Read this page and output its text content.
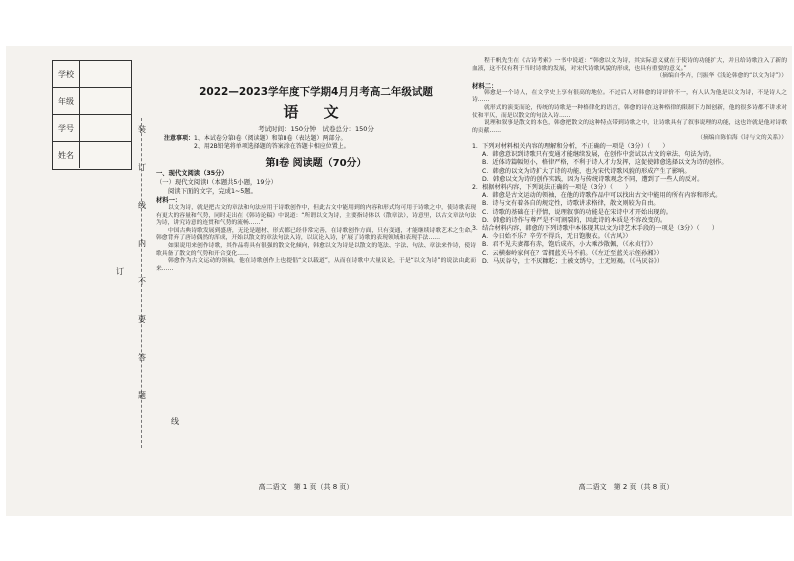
学校
年级
学号
姓名
装
订
线
内
不
要
答
题
订
线
2022—2023学年度下学期4月月考高二年级试题
语 文
考试时间：150分钟　试卷总分：150分
注意事项：1、本试卷分第Ⅰ卷（阅读题）和第Ⅱ卷（表达题）两部分。
2、用2B铅笔将单项选择题的答案涂在答题卡相应位置上。
第Ⅰ卷 阅读题（70分）
一、现代文阅读（35分）
（一）现代文阅读Ⅰ（本题共5小题，19分）
阅读下面的文字，完成1~5题。
材料一：
以文为诗，就是把古文的章法和句法应用于诗歌创作中，但此古文中能用到的内容和形式均可用于诗歌之中，使诗歌表现有更大的容量和气势，同时走出在《韩诗论稿》中说道：“所谓以文为诗，主要指诗体以（散章法），诗意里，以古文章法句法为诗，讲究诗意的连贯和气势的流畅……”
中国古典诗歌发展到盛唐，无论是题材、形式都已经非常完善，在诗歌创作方面，只有变通，才能继续诗歌艺术之生命。韩愈背弃了唐诗偶然的浑成，开始以散文的章法句法入诗，以议论入诗，扩展了诗歌的表现领域和表现手法……
如果说用来创作诗歌，其作品将具有很强的散文化倾向，韩愈以文为诗是以散文的笔法、字法、句法、章法来作诗，使诗歌具备了散文的气势和开合变化……
韩愈作为古文运动的领袖，他在诗歌创作上也提倡“文以载道”，从而在诗歌中大量议论，于是“以文为诗”的说法由此而来……
高二语文　第 1 页（共 8 页）
程千帆先生在《古诗考索》一书中说道：“韩愈以文为诗，其实际意义就在于使诗的功能扩大，并且给诗歌注入了新的血液，这不仅有利于当时诗歌的发展，对宋代诗歌风貌的形成，也具有重要的意义。”
（摘编自李卉，闫振华《浅论韩愈的“以文为诗”》）
材料二：
韩愈是一个诗人，在文学史上享有很高的地位。不过后人对韩愈的诗评价不一，有人认为他是以文为诗，不是诗人之诗……
就形式的演变而论，传统的诗歌是一种格律化的语言，韩愈的诗在这种格律的限制下力图创新，他的很多诗都不讲求对仗和平仄，而是以散文的句法入诗……
说理和叙事是散文的本色，韩愈把散文的这种特点带到诗歌之中，让诗歌具有了叙事说理的功能，这也许就是他对诗歌的贡献……
（摘编自陈伯海《诗与文的关系》）
1．下列对材料相关内容的理解和分析，不正确的一项是（3分）（　　）
A．韩愈意识到诗歌只有变通才能继续发展，在创作中尝试以古文的章法、句法为诗。
B．近体诗篇幅短小，格律严格，不利于诗人才力发挥，这促使韩愈选择以文为诗的创作。
C．韩愈的以文为诗扩大了诗的功能，也为宋代诗歌风貌的形成产生了影响。
D．韩愈以文为诗的创作实践，因为与传统诗歌观念不同，遭到了一些人的反对。
2．根据材料内容，下列说法正确的一项是（3分）（　　）
A．韩愈是古文运动的领袖，在他的诗歌作品中可以找出古文中能用的所有内容和形式。
B．诗与文有着各自的规定性，诗歌讲求格律，散文则较为自由。
C．诗歌的基础在于抒情，说理叙事的功能是在宋诗中才开始出现的。
D．韩愈的诗作与尊严是不可割裂的，因此诗的本质是不容改变的。
3．结合材料内容，韩愈的下列诗歌中本体现其以文为诗艺术手段的一项是（3分）（　　）
A．今日始不乐？辛劳不得兵，无日饱腹衣。（《古风》）
B．君不见夫妻都有赤，饱后成亦，小大乘沙散佩，（《永贞行》）
C．云横秦岭家何在？雪拥蓝关马不前。（《左迁至蓝关示侄孙湘》）
D．马厌谷兮，士不厌糠籺；土被文绣兮，士无短褐。（《马厌谷》）
高二语文　第 2 页（共 8 页）
